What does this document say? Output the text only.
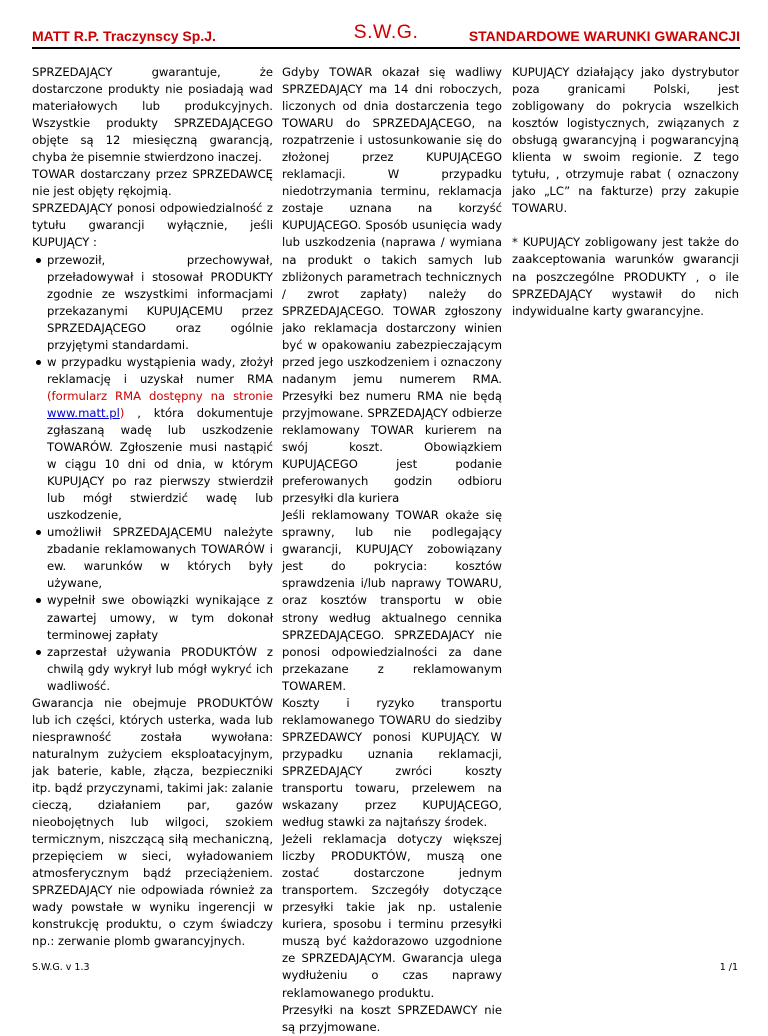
MATT R.P. Traczynscy Sp.J.	S.W.G.	STANDARDOWE WARUNKI GWARANCJI

SPRZEDAJĄCY gwarantuje, że dostarczone produkty nie posiadają wad materiałowych lub produkcyjnych. Wszystkie produkty SPRZEDAJĄCEGO objęte są 12 miesięczną gwarancją, chyba że pisemnie stwierdzono inaczej.

TOWAR dostarczany przez SPRZEDAWCĘ nie jest objęty rękojmią.

SPRZEDAJĄCY ponosi odpowiedzialność z tytułu gwarancji wyłącznie, jeśli KUPUJĄCY :

przewoził, przechowywał, przeładowywał i stosował PRODUKTY zgodnie ze wszystkimi informacjami przekazanymi KUPUJĄCEMU przez SPRZEDAJĄCEGO oraz ogólnie przyjętymi standardami.
w przypadku wystąpienia wady, złożył reklamację i uzyskał numer RMA (formularz RMA dostępny na stronie www.matt.pl) , która dokumentuje zgłaszaną wadę lub uszkodzenie TOWARÓW. Zgłoszenie musi nastąpić w ciągu 10 dni od dnia, w którym KUPUJĄCY po raz pierwszy stwierdził lub mógł stwierdzić wadę lub uszkodzenie,
umożliwił SPRZEDAJĄCEMU należyte zbadanie reklamowanych TOWARÓW i ew. warunków w których były używane,
wypełnił swe obowiązki wynikające z zawartej umowy, w tym dokonał terminowej zapłaty
zaprzestał używania PRODUKTÓW z chwilą gdy wykrył lub mógł wykryć ich wadliwość.

Gwarancja nie obejmuje PRODUKTÓW lub ich części, których usterka, wada lub niesprawność została wywołana: naturalnym zużyciem eksploatacyjnym, jak baterie, kable, złącza, bezpieczniki itp. bądź przyczynami, takimi jak: zalanie cieczą, działaniem par, gazów nieobojętnych lub wilgoci, szokiem termicznym, niszczącą siłą mechaniczną, przepięciem w sieci, wyładowaniem atmosferycznym bądź przeciążeniem. SPRZEDAJĄCY nie odpowiada również za wady powstałe w wyniku ingerencji w konstrukcję produktu, o czym świadczy np.: zerwanie plomb gwarancyjnych.

Gdyby TOWAR okazał się wadliwy SPRZEDAJĄCY ma 14 dni roboczych, liczonych od dnia dostarczenia tego TOWARU do SPRZEDAJĄCEGO, na rozpatrzenie i ustosunkowanie się do złożonej przez KUPUJĄCEGO reklamacji. W przypadku niedotrzymania terminu, reklamacja zostaje uznana na korzyść KUPUJĄCEGO. Sposób usunięcia wady lub uszkodzenia (naprawa / wymiana na produkt o takich samych lub zbliżonych parametrach technicznych / zwrot zapłaty) należy do SPRZEDAJĄCEGO. TOWAR zgłoszony jako reklamacja dostarczony winien być w opakowaniu zabezpieczającym przed jego uszkodzeniem i oznaczony nadanym jemu numerem RMA. Przesyłki bez numeru RMA nie będą przyjmowane. SPRZEDAJĄCY odbierze reklamowany TOWAR kurierem na swój koszt. Obowiązkiem KUPUJĄCEGO jest podanie preferowanych godzin odbioru przesyłki dla kuriera

Jeśli reklamowany TOWAR okaże się sprawny, lub nie podlegający gwarancji, KUPUJĄCY zobowiązany jest do pokrycia: kosztów sprawdzenia i/lub naprawy TOWARU, oraz kosztów transportu w obie strony według aktualnego cennika SPRZEDAJĄCEGO. SPRZEDAJACY nie ponosi odpowiedzialności za dane przekazane z reklamowanym TOWAREM.

Koszty i ryzyko transportu reklamowanego TOWARU do siedziby SPRZEDAWCY ponosi KUPUJĄCY. W przypadku uznania reklamacji, SPRZEDAJĄCY zwróci koszty transportu towaru, przelewem na wskazany przez KUPUJĄCEGO, według stawki za najtańszy środek.

Jeżeli reklamacja dotyczy większej liczby PRODUKTÓW, muszą one zostać dostarczone jednym transportem. Szczegóły dotyczące przesyłki takie jak np. ustalenie kuriera, sposobu i terminu przesyłki muszą być każdorazowo uzgodnione ze SPRZEDAJĄCYM. Gwarancja ulega wydłużeniu o czas naprawy reklamowanego produktu.

Przesyłki na koszt SPRZEDAWCY nie są przyjmowane.

KUPUJĄCY działający jako dystrybutor poza granicami Polski, jest zobligowany do pokrycia wszelkich kosztów logistycznych, związanych z obsługą gwarancyjną i pogwarancyjną klienta w swoim regionie. Z tego tytułu, , otrzymuje rabat ( oznaczony jako „LC” na fakturze) przy zakupie TOWARU.

* KUPUJĄCY zobligowany jest także do zaakceptowania warunków gwarancji na poszczególne PRODUKTY , o ile SPRZEDAJĄCY wystawił do nich indywidualne karty gwarancyjne.

S.W.G. v 1.3	1 /1
